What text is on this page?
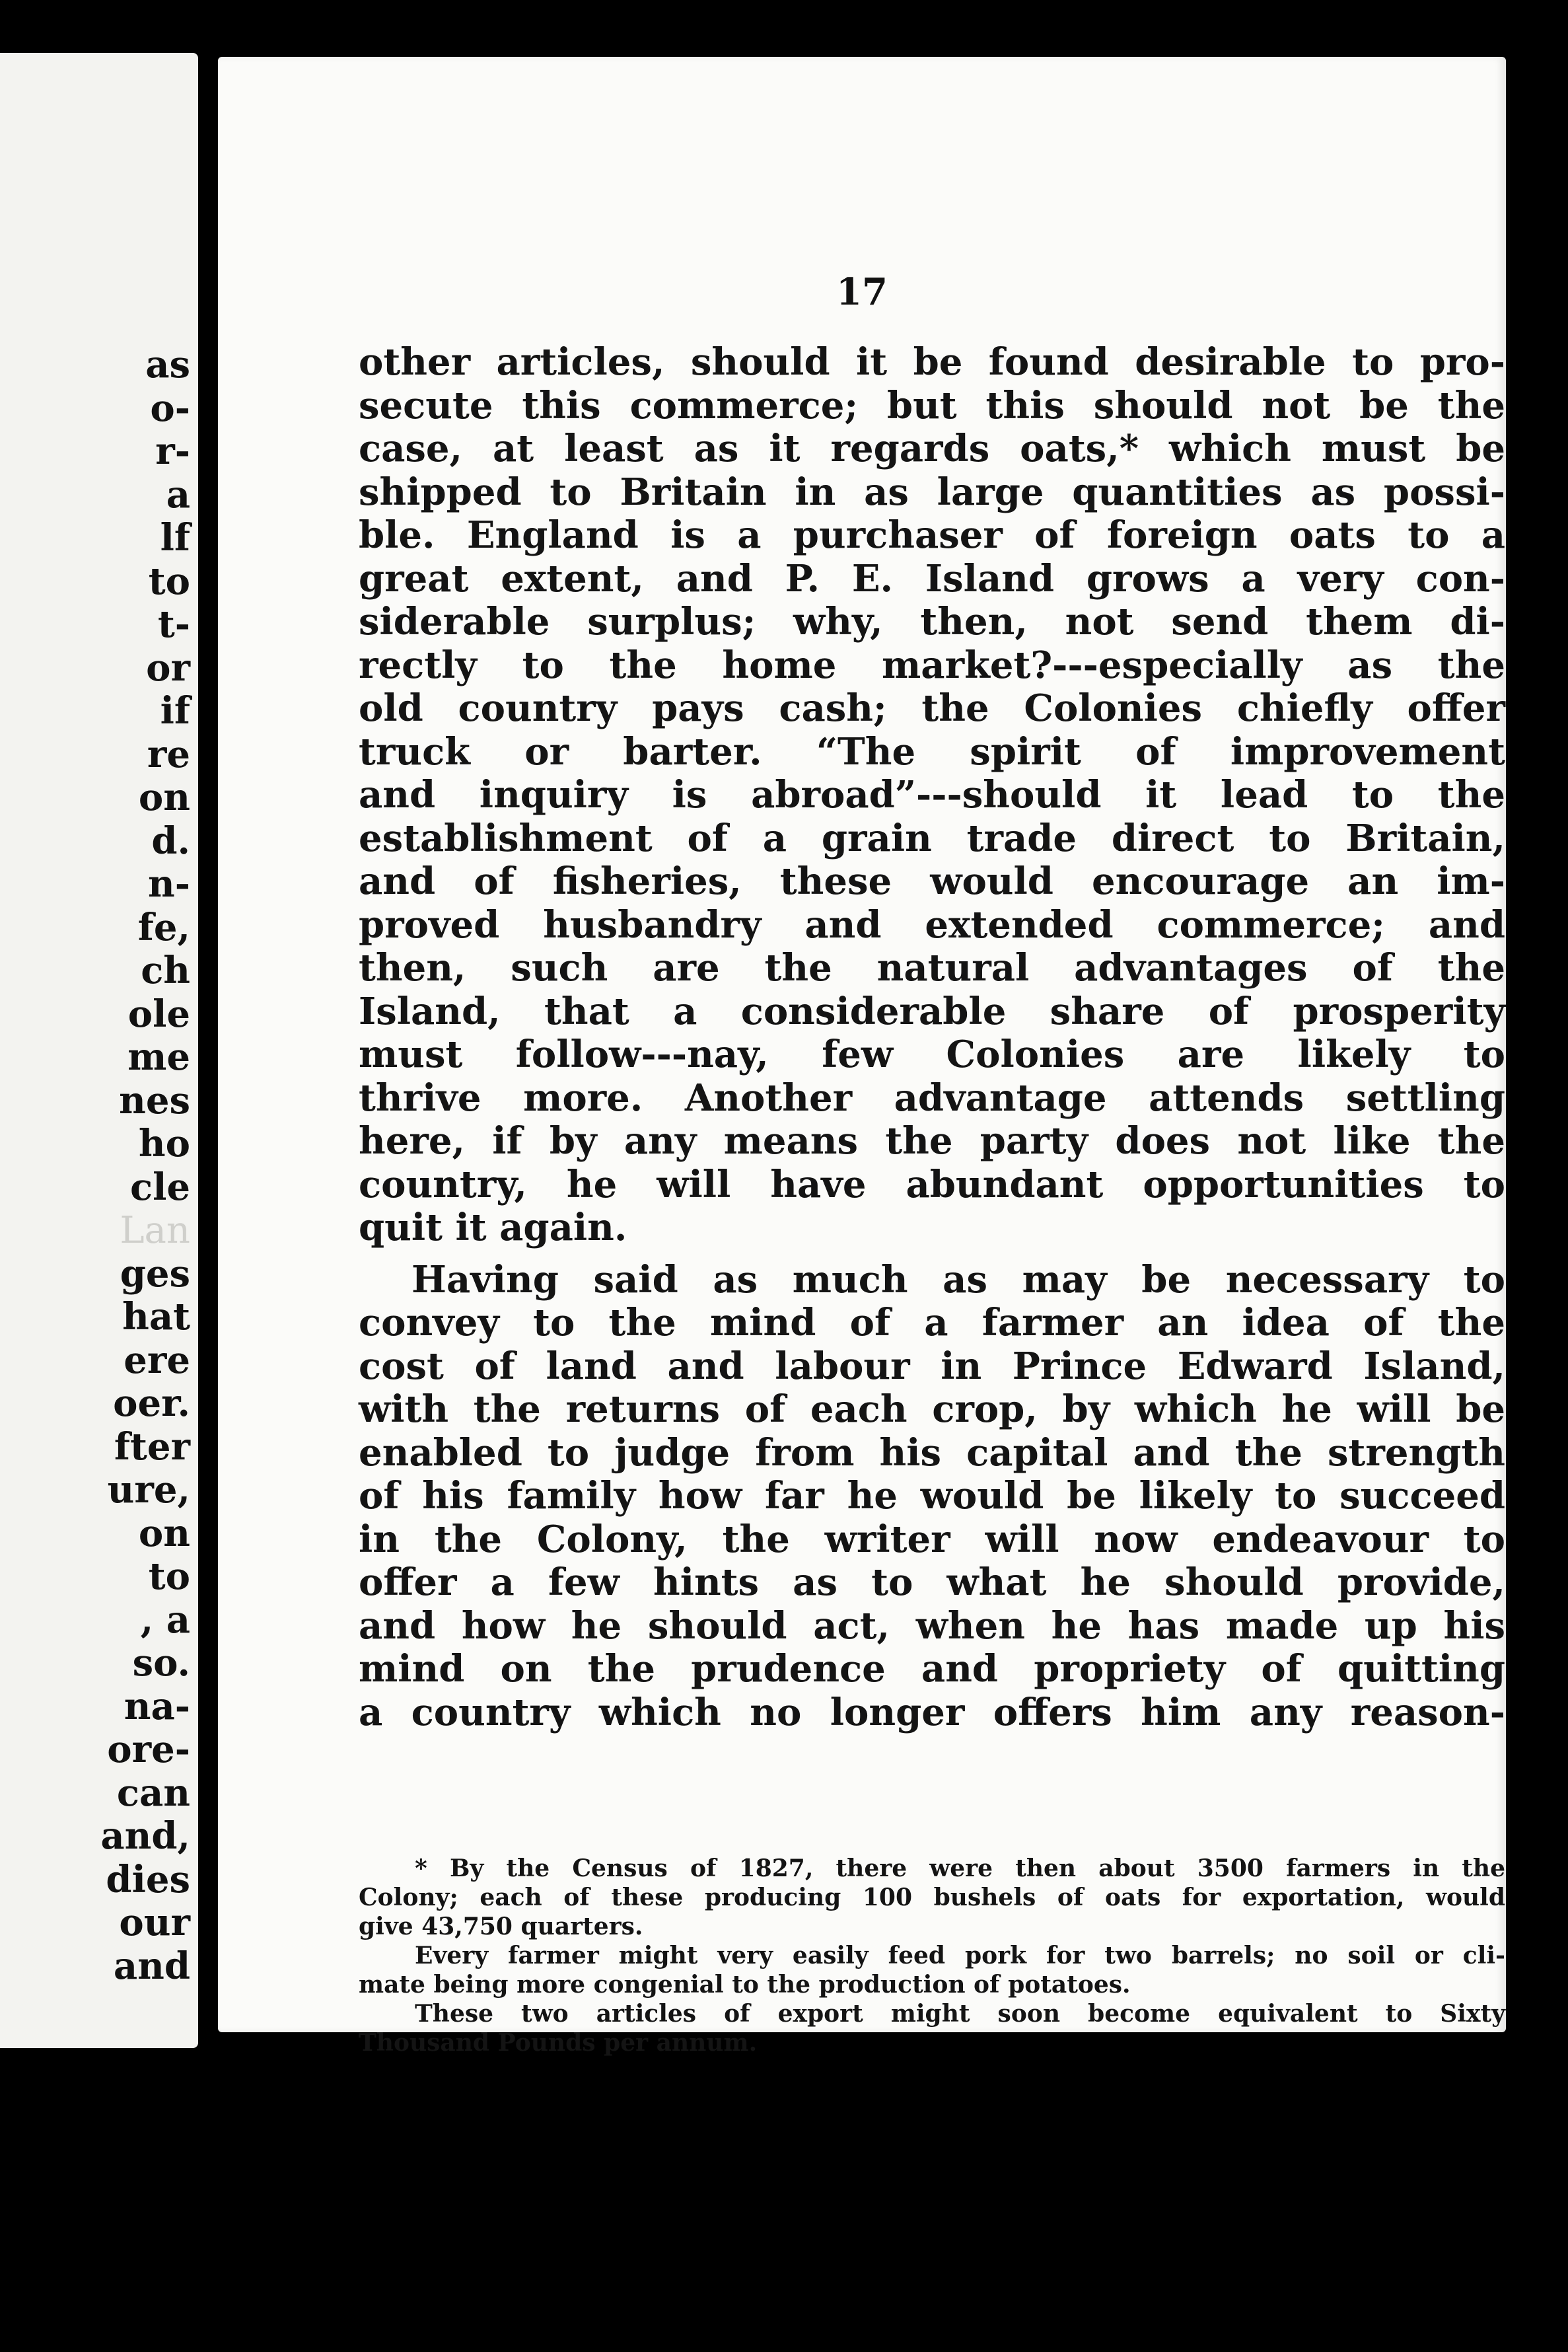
as
o-
r-
a
lf
to
t-
or
if
re
on
d.
n-
fe,
ch
ole
me
nes
ho
cle
Lan
ges
hat
ere
oer.
fter
ure,
on
to
, a
so.
na-
ore-
can
and,
dies
our
and
17
other articles, should it be found desirable to pro-
secute this commerce; but this should not be the
case, at least as it regards oats,* which must be
shipped to Britain in as large quantities as possi-
ble. England is a purchaser of foreign oats to a
great extent, and P. E. Island grows a very con-
siderable surplus; why, then, not send them di-
rectly to the home market?---especially as the
old country pays cash; the Colonies chiefly offer
truck or barter. “The spirit of improvement
and inquiry is abroad”---should it lead to the
establishment of a grain trade direct to Britain,
and of fisheries, these would encourage an im-
proved husbandry and extended commerce; and
then, such are the natural advantages of the
Island, that a considerable share of prosperity
must follow---nay, few Colonies are likely to
thrive more. Another advantage attends settling
here, if by any means the party does not like the
country, he will have abundant opportunities to
quit it again.
Having said as much as may be necessary to
convey to the mind of a farmer an idea of the
cost of land and labour in Prince Edward Island,
with the returns of each crop, by which he will be
enabled to judge from his capital and the strength
of his family how far he would be likely to succeed
in the Colony, the writer will now endeavour to
offer a few hints as to what he should provide,
and how he should act, when he has made up his
mind on the prudence and propriety of quitting
a country which no longer offers him any reason-
* By the Census of 1827, there were then about 3500 farmers in the
Colony; each of these producing 100 bushels of oats for exportation, would
give 43,750 quarters.
Every farmer might very easily feed pork for two barrels; no soil or cli-
mate being more congenial to the production of potatoes.
These two articles of export might soon become equivalent to Sixty
Thousand Pounds per annum.
